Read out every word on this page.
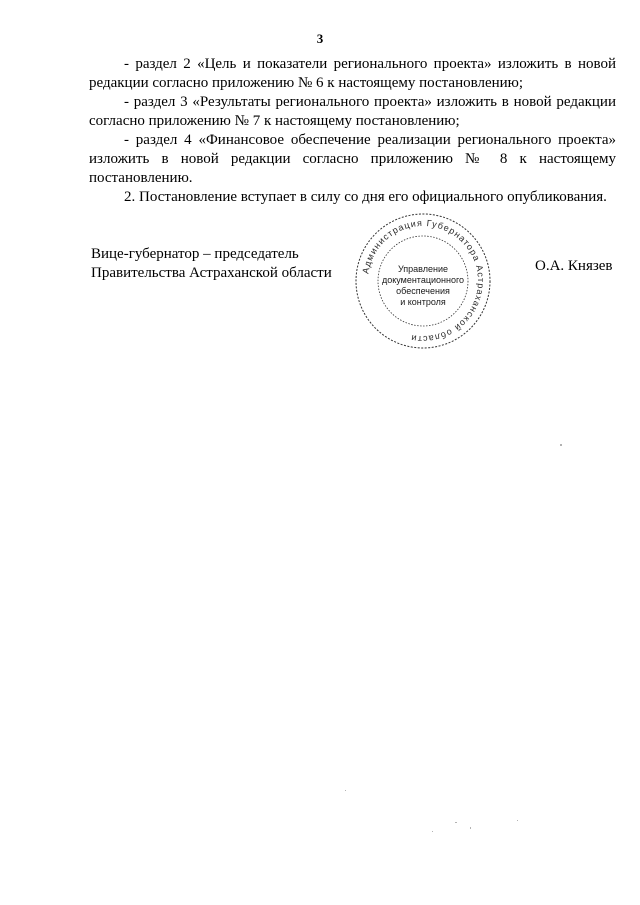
3

- раздел 2 «Цель и показатели регионального проекта» изложить в новой редакции согласно приложению № 6 к настоящему постановлению;

- раздел 3 «Результаты регионального проекта» изложить в новой редакции согласно приложению № 7 к настоящему постановлению;

- раздел 4 «Финансовое обеспечение реализации регионального проекта» изложить в новой редакции согласно приложению № 8 к настоящему постановлению.

2. Постановление вступает в силу со дня его официального опубликования.

Вице-губернатор – председатель
Правительства Астраханской области	О.А. Князев
Администрация Губернатора Астраханской области
Управление
документационного
обеспечения
и контроля
